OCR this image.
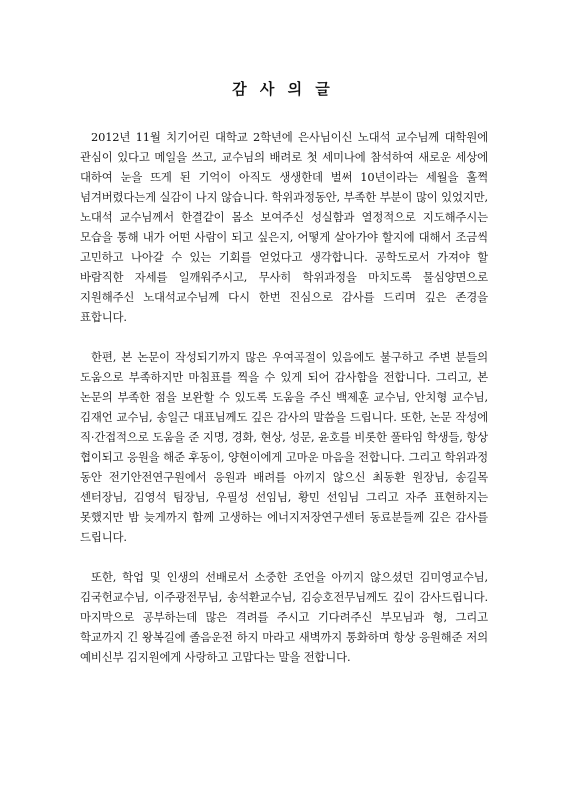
감 사 의 글

2012년 11월 치기어린 대학교 2학년에 은사님이신 노대석 교수님께 대학원에 관심이 있다고 메일을 쓰고, 교수님의 배려로 첫 세미나에 참석하여 새로운 세상에 대하여 눈을 뜨게 된 기억이 아직도 생생한데 벌써 10년이라는 세월을 훌쩍 넘겨버렸다는게 실감이 나지 않습니다. 학위과정동안, 부족한 부분이 많이 있었지만, 노대석 교수님께서 한결같이 몸소 보여주신 성실함과 열정적으로 지도해주시는 모습을 통해 내가 어떤 사람이 되고 싶은지, 어떻게 살아가야 할지에 대해서 조금씩 고민하고 나아갈 수 있는 기회를 얻었다고 생각합니다. 공학도로서 가져야 할 바람직한 자세를 일깨워주시고, 무사히 학위과정을 마치도록 물심양면으로 지원해주신 노대석교수님께 다시 한번 진심으로 감사를 드리며 깊은 존경을 표합니다.

한편, 본 논문이 작성되기까지 많은 우여곡절이 있음에도 불구하고 주변 분들의 도움으로 부족하지만 마침표를 찍을 수 있게 되어 감사함을 전합니다. 그리고, 본 논문의 부족한 점을 보완할 수 있도록 도움을 주신 백제훈 교수님, 안치형 교수님, 김재언 교수님, 송일근 대표님께도 깊은 감사의 말씀을 드립니다. 또한, 논문 작성에 직·간접적으로 도움을 준 지명, 경화, 현상, 성문, 윤호를 비롯한 풀타임 학생들, 항상 협이되고 응원을 해준 후동이, 양현이에게 고마운 마음을 전합니다. 그리고 학위과정 동안 전기안전연구원에서 응원과 배려를 아끼지 않으신 최동환 원장님, 송길목 센터장님, 김영석 팀장님, 우필성 선임님, 황민 선임님 그리고 자주 표현하지는 못했지만 밤 늦게까지 함께 고생하는 에너지저장연구센터 동료분들께 깊은 감사를 드립니다.

또한, 학업 및 인생의 선배로서 소중한 조언을 아끼지 않으셨던 김미영교수님, 김국헌교수님, 이주광전무님, 송석환교수님, 김승호전무님께도 깊이 감사드립니다. 마지막으로 공부하는데 많은 격려를 주시고 기다려주신 부모님과 형, 그리고 학교까지 긴 왕복길에 졸음운전 하지 마라고 새벽까지 통화하며 항상 응원해준 저의 예비신부 김지원에게 사랑하고 고맙다는 말을 전합니다.
